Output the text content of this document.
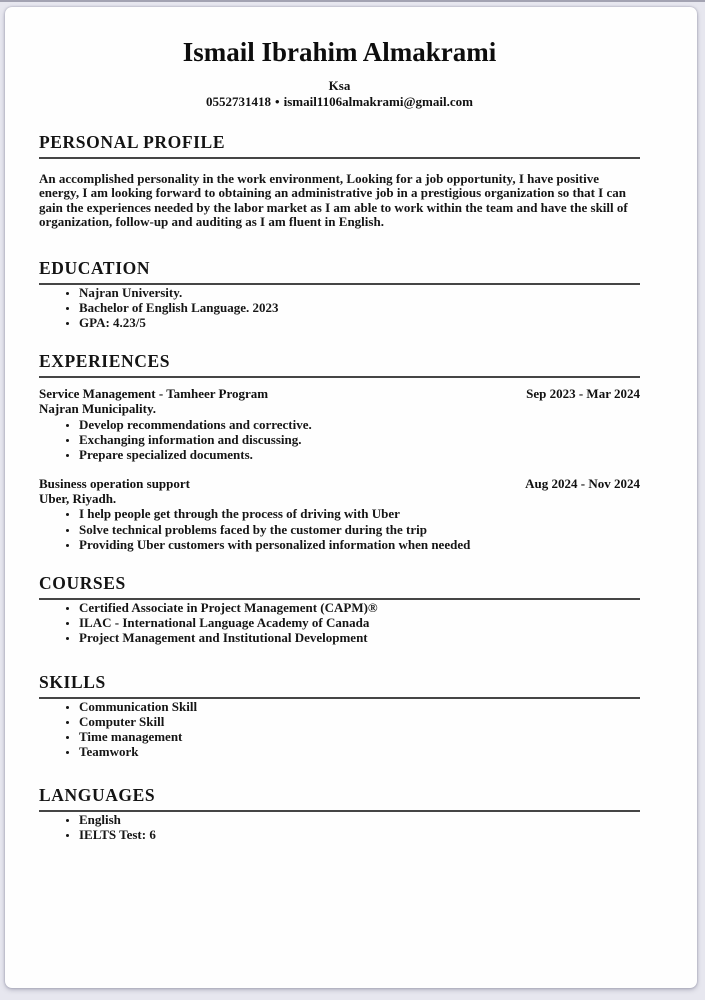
Ismail Ibrahim Almakrami
Ksa
0552731418 • ismail1106almakrami@gmail.com
PERSONAL PROFILE

An accomplished personality in the work environment, Looking for a job opportunity, I have positive energy, I am looking forward to obtaining an administrative job in a prestigious organization so that I can gain the experiences needed by the labor market as I am able to work within the team and have the skill of organization, follow-up and auditing as I am fluent in English.

EDUCATION
• Najran University.
• Bachelor of English Language. 2023
• GPA: 4.23/5
EXPERIENCES
Service Management - Tamheer Program
Najran Municipality.
Sep 2023 - Mar 2024
• Develop recommendations and corrective.
• Exchanging information and discussing.
• Prepare specialized documents.
Business operation support
Uber, Riyadh.
Aug 2024 - Nov 2024
• I help people get through the process of driving with Uber
• Solve technical problems faced by the customer during the trip
• Providing Uber customers with personalized information when needed
COURSES
• Certified Associate in Project Management (CAPM)®
• ILAC - International Language Academy of Canada
• Project Management and Institutional Development
SKILLS
• Communication Skill
• Computer Skill
• Time management
• Teamwork
LANGUAGES
• English
• IELTS Test: 6
